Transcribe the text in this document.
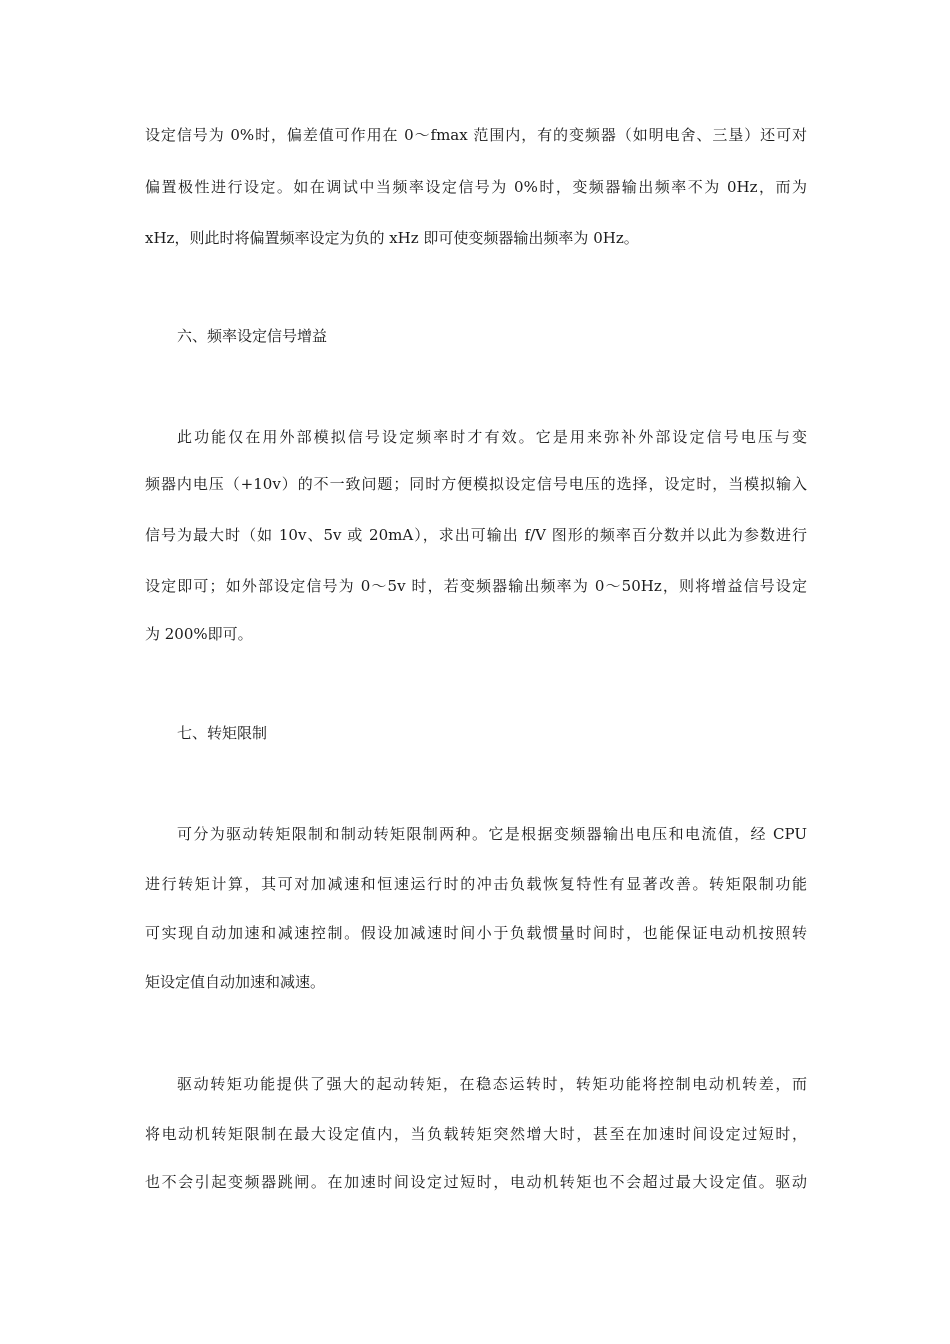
设定信号为 0%时，偏差值可作用在 0～fmax 范围内，有的变频器（如明电舍、三垦）还可对
偏置极性进行设定。如在调试中当频率设定信号为 0%时，变频器输出频率不为 0Hz，而为
xHz，则此时将偏置频率设定为负的 xHz 即可使变频器输出频率为 0Hz。
六、频率设定信号增益
此功能仅在用外部模拟信号设定频率时才有效。它是用来弥补外部设定信号电压与变
频器内电压（+10v）的不一致问题；同时方便模拟设定信号电压的选择，设定时，当模拟输入
信号为最大时（如 10v、5v 或 20mA），求出可输出 f/V 图形的频率百分数并以此为参数进行
设定即可；如外部设定信号为 0～5v 时，若变频器输出频率为 0～50Hz，则将增益信号设定
为 200%即可。
七、转矩限制
可分为驱动转矩限制和制动转矩限制两种。它是根据变频器输出电压和电流值，经 CPU
进行转矩计算，其可对加减速和恒速运行时的冲击负载恢复特性有显著改善。转矩限制功能
可实现自动加速和减速控制。假设加减速时间小于负载惯量时间时，也能保证电动机按照转
矩设定值自动加速和减速。
驱动转矩功能提供了强大的起动转矩，在稳态运转时，转矩功能将控制电动机转差，而
将电动机转矩限制在最大设定值内，当负载转矩突然增大时，甚至在加速时间设定过短时，
也不会引起变频器跳闸。在加速时间设定过短时，电动机转矩也不会超过最大设定值。驱动
